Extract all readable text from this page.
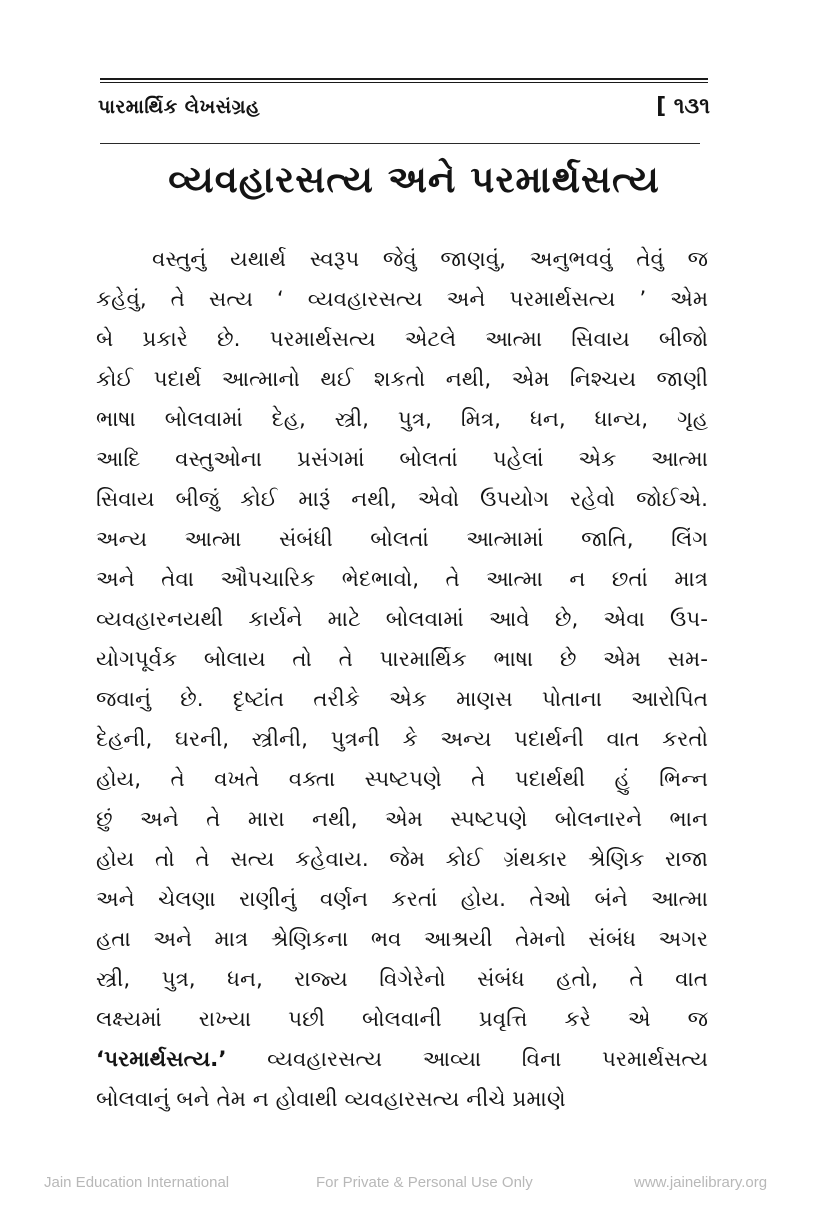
પારમાર્થિક લેખસંગ્રહ	[ ૧૩૧
વ્યવહારસત્ય અને પરમાર્થસત્ય
વસ્તુનું યથાર્થ સ્વરૂપ જેવું જાણવું, અનુભવવું તેવું જ
કહેવું, તે સત્ય ‘ વ્યવહારસત્ય અને પરમાર્થસત્ય ’ એમ
બે પ્રકારે છે. પરમાર્થસત્ય એટલે આત્મા સિવાય બીજો
કોઈ પદાર્થ આત્માનો થઈ શકતો નથી, એમ નિશ્ચય જાણી
ભાષા બોલવામાં દેહ, સ્ત્રી, પુત્ર, મિત્ર, ધન, ધાન્ય, ગૃહ
આદિ વસ્તુઓના પ્રસંગમાં બોલતાં પહેલાં એક આત્મા
સિવાય બીજું કોઈ મારૂં નથી, એવો ઉપયોગ રહેવો જોઈએ.
અન્ય આત્મા સંબંધી બોલતાં આત્મામાં જાતિ, લિંગ
અને તેવા ઔપચારિક ભેદભાવો, તે આત્મા ન છતાં માત્ર
વ્યવહારનયથી કાર્યને માટે બોલવામાં આવે છે, એવા ઉપ-
યોગપૂર્વક બોલાય તો તે પારમાર્થિક ભાષા છે એમ સમ-
જવાનું છે. દૃષ્ટાંત તરીકે એક માણસ પોતાના આરોપિત
દેહની, ઘરની, સ્ત્રીની, પુત્રની કે અન્ય પદાર્થની વાત કરતો
હોય, તે વખતે વક્તા સ્પષ્ટપણે તે પદાર્થથી હું ભિન્ન
છું અને તે મારા નથી, એમ સ્પષ્ટપણે બોલનારને ભાન
હોય તો તે સત્ય કહેવાય. જેમ કોઈ ગ્રંથકાર શ્રેણિક રાજા
અને ચેલણા રાણીનું વર્ણન કરતાં હોય. તેઓ બંને આત્મા
હતા અને માત્ર શ્રેણિકના ભવ આશ્રયી તેમનો સંબંધ અગર
સ્ત્રી, પુત્ર, ધન, રાજ્ય વિગેરેનો સંબંધ હતો, તે વાત
લક્ષ્યમાં રાખ્યા પછી બોલવાની પ્રવૃત્તિ કરે એ જ
‘પરમાર્થસત્ય.’ વ્યવહારસત્ય આવ્યા વિના પરમાર્થસત્ય
બોલવાનું બને તેમ ન હોવાથી વ્યવહારસત્ય નીચે પ્રમાણે
Jain Education International	For Private & Personal Use Only	www.jainelibrary.org
